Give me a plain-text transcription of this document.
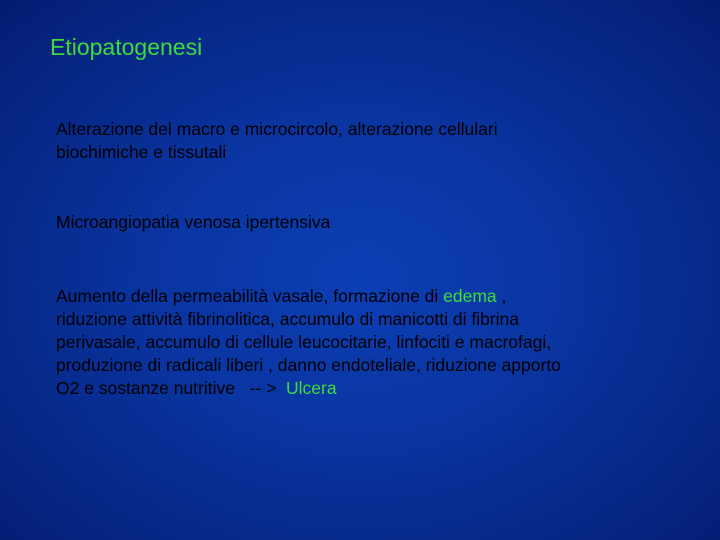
Etiopatogenesi
Alterazione del macro e microcircolo, alterazione cellulari
biochimiche e tissutali
Microangiopatia venosa ipertensiva
Aumento della permeabilità vasale, formazione di edema ,
riduzione attività fibrinolitica, accumulo di manicotti di fibrina
perivasale, accumulo di cellule leucocitarie, linfociti e macrofagi,
produzione di radicali liberi , danno endoteliale, riduzione apporto
O2 e sostanze nutritive   -- >  Ulcera
